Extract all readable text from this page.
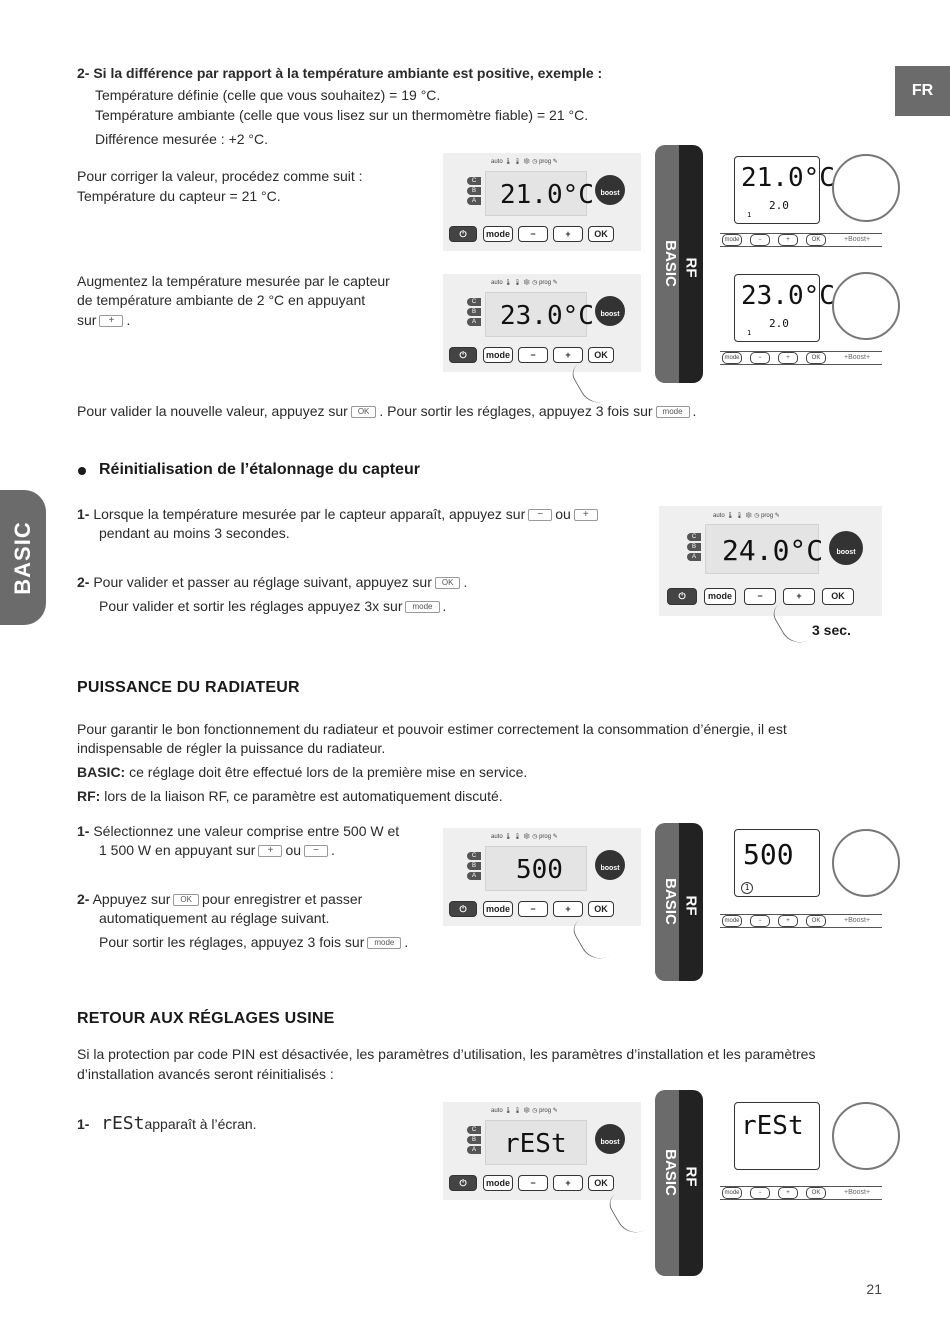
FR
BASIC
2- Si la différence par rapport à la température ambiante est positive, exemple :
Température définie (celle que vous souhaitez) = 19 °C.
Température ambiante (celle que vous lisez sur un thermomètre fiable) = 21 °C.
Différence mesurée : +2 °C.
Pour corriger la valeur, procédez comme suit :
Température du capteur = 21 °C.
Augmentez la température mesurée par le capteur
de température ambiante de 2 °C en appuyant
sur + .
Pour valider la nouvelle valeur, appuyez sur OK . Pour sortir les réglages, appuyez 3 fois sur mode .
auto 🌡 🌡 ❄ ◷ prog ✎
C
B
A 21.0°C boost
⏻	mode	−	+	OK
auto 🌡 🌡 ❄ ◷ prog ✎
C
B
A 23.0°C boost
⏻	mode	−	+	OK
BASIC RF
21.0°C
2.0
1
mode	−	+	OK	+Boost+
23.0°C
2.0
1
mode	−	+	OK	+Boost+
Réinitialisation de l’étalonnage du capteur
1- Lorsque la température mesurée par le capteur apparaît, appuyez sur − ou +
pendant au moins 3 secondes.
2- Pour valider et passer au réglage suivant, appuyez sur OK .
Pour valider et sortir les réglages appuyez 3x sur mode .
auto 🌡 🌡 ❄ ◷ prog ✎
C
B
A 24.0°C	boost
⏻	mode	−	+	OK
3 sec.
PUISSANCE DU RADIATEUR
Pour garantir le bon fonctionnement du radiateur et pouvoir estimer correctement la consommation d’énergie, il est
indispensable de régler la puissance du radiateur.
BASIC: ce réglage doit être effectué lors de la première mise en service.
RF: lors de la liaison RF, ce paramètre est automatiquement discuté.
1- Sélectionnez une valeur comprise entre 500 W et
1 500 W en appuyant sur + ou − .
2- Appuyez sur OK pour enregistrer et passer
automatiquement au réglage suivant.
Pour sortir les réglages, appuyez 3 fois sur mode .
auto 🌡 🌡 ❄ ◷ prog ✎
C
B
A 500	boost
⏻	mode	−	+	OK	BASIC RF
500
1
mode	−	+	OK	+Boost+
RETOUR AUX RÉGLAGES USINE
Si la protection par code PIN est désactivée, les paramètres d’utilisation, les paramètres d’installation et les paramètres
d’installation avancés seront réinitialisés :
1- rEStapparaît à l’écran.
auto 🌡 🌡 ❄ ◷ prog ✎
C
B
A rESt	boost
⏻	mode	−	+	OK	BASIC RF
rESt
mode	−	+	OK	+Boost+
21
